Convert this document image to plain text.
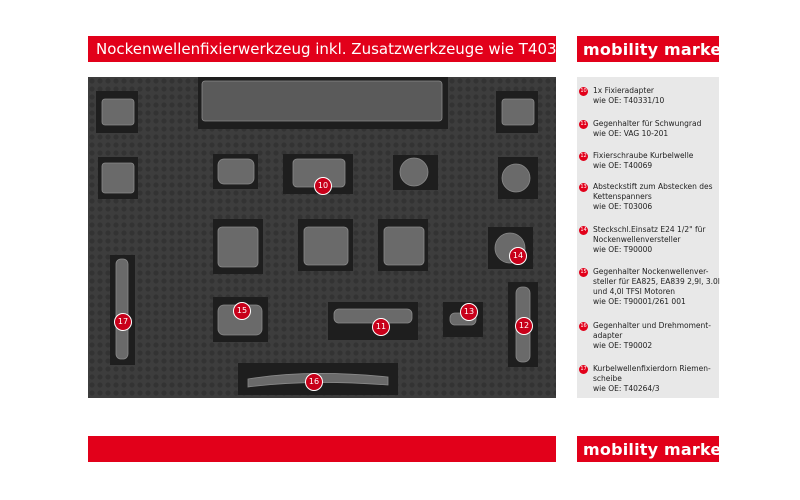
Nockenwellenfixierwerkzeug inkl. Zusatzwerkzeuge wie T40331 mobility market™
10
11	12
13
14
15
16
17
10 1x Fixieradapter
wie OE: T40331/10
11 Gegenhalter für Schwungrad
wie OE: VAG 10-201
12 Fixierschraube Kurbelwelle
wie OE: T40069
13 Absteckstift zum Abstecken des
Kettenspanners
wie OE: T03006
14 Steckschl.Einsatz E24 1/2" für
Nockenwellenversteller
wie OE: T90000
15 Gegenhalter Nockenwellenver-
steller für EA825, EA839 2,9l, 3.0l
und 4,0l TFSI Motoren
wie OE: T90001/261 001
16 Gegenhalter und Drehmoment-
adapter
wie OE: T90002
17 Kurbelwellenfixierdorn Riemen-
scheibe
wie OE: T40264/3
mobility market™
